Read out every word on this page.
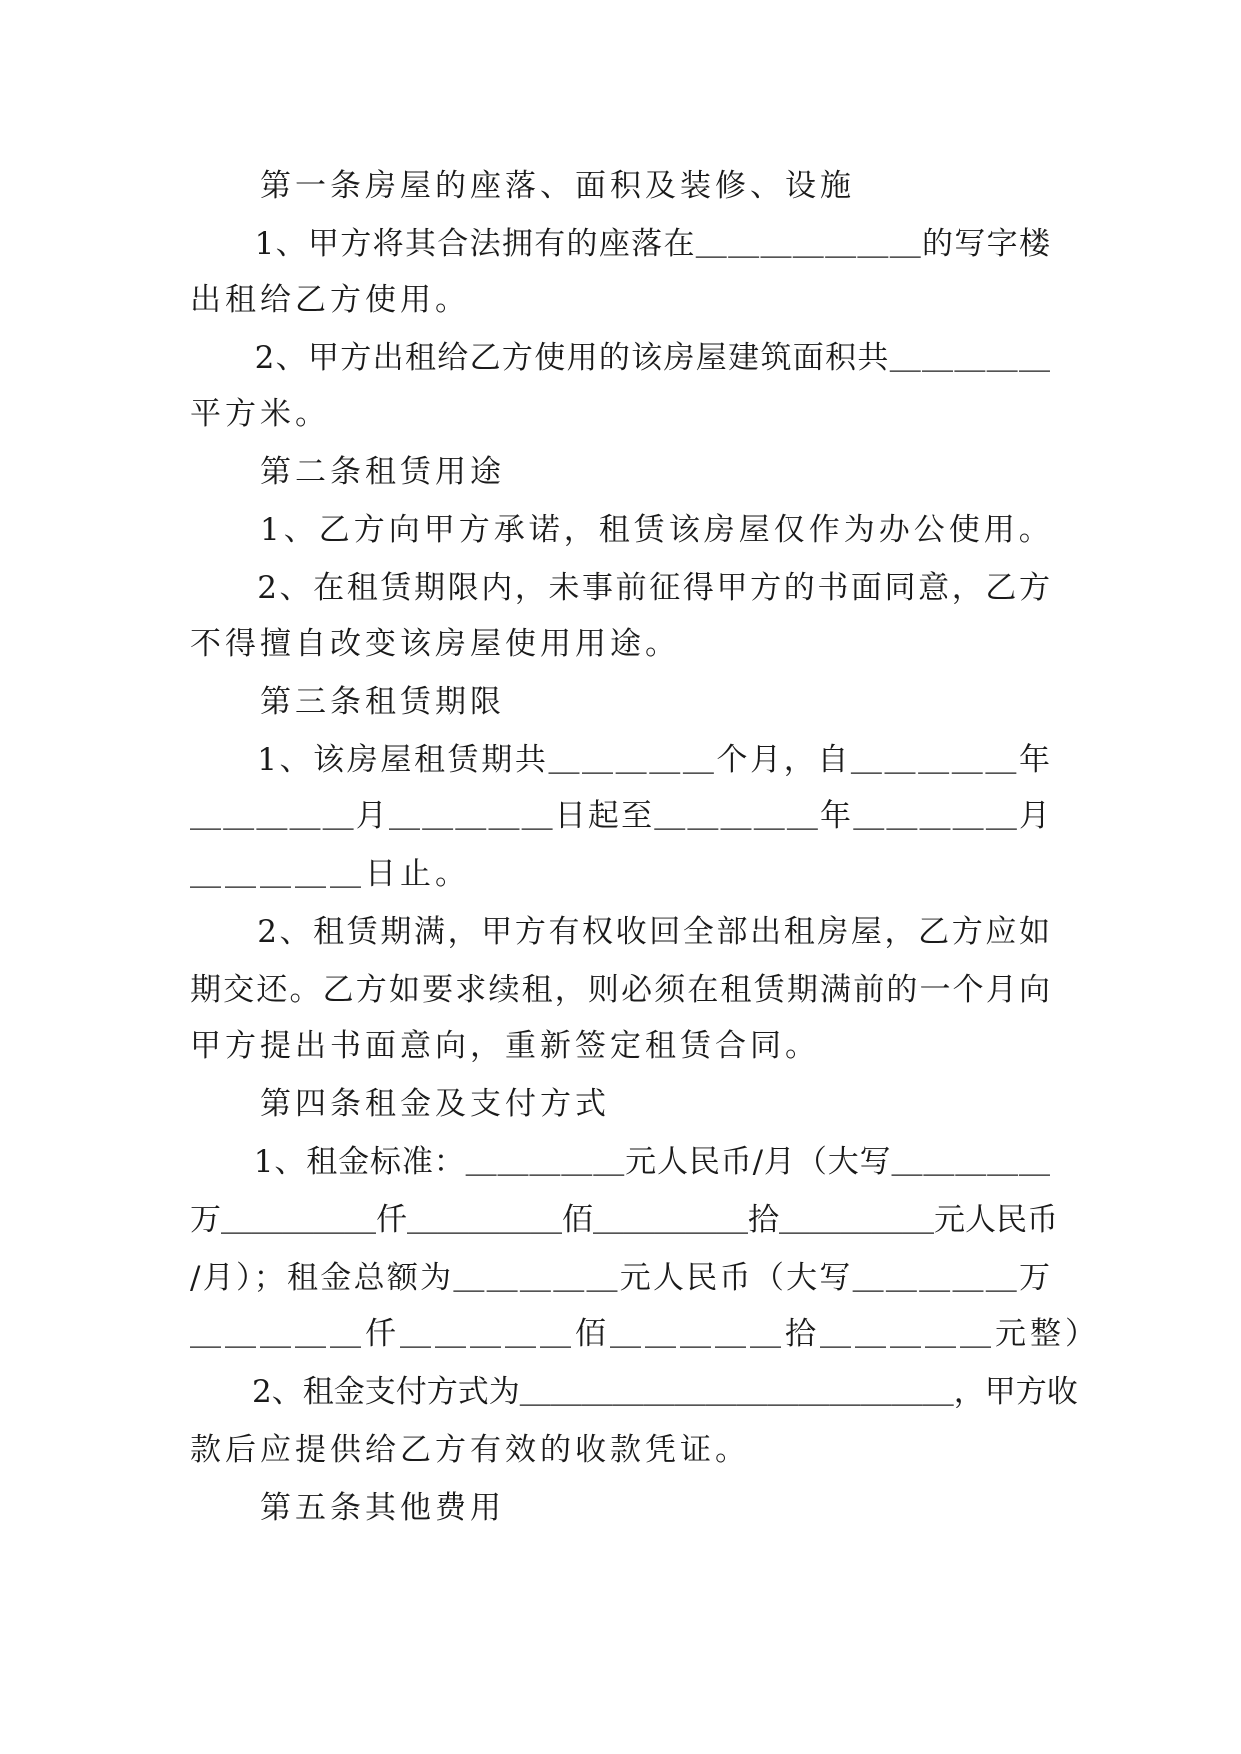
　　第一条房屋的座落、面积及装修、设施

　　1、甲方将其合法拥有的座落在＿＿＿＿＿＿＿的写字楼

出租给乙方使用。

　　2、甲方出租给乙方使用的该房屋建筑面积共＿＿＿＿＿

平方米。

　　第二条租赁用途

　　1、乙方向甲方承诺，租赁该房屋仅作为办公使用。

　　2、在租赁期限内，未事前征得甲方的书面同意，乙方

不得擅自改变该房屋使用用途。

　　第三条租赁期限

　　1、该房屋租赁期共＿＿＿＿＿个月，自＿＿＿＿＿年

＿＿＿＿＿月＿＿＿＿＿日起至＿＿＿＿＿年＿＿＿＿＿月

＿＿＿＿＿日止。

　　2、租赁期满，甲方有权收回全部出租房屋，乙方应如

期交还。乙方如要求续租，则必须在租赁期满前的一个月向

甲方提出书面意向，重新签定租赁合同。

　　第四条租金及支付方式

　　1、租金标准：＿＿＿＿＿元人民币/月（大写＿＿＿＿＿

万＿＿＿＿＿仟＿＿＿＿＿佰＿＿＿＿＿拾＿＿＿＿＿元人民币

/月）；租金总额为＿＿＿＿＿元人民币（大写＿＿＿＿＿万

＿＿＿＿＿仟＿＿＿＿＿佰＿＿＿＿＿拾＿＿＿＿＿元整）

　　2、租金支付方式为＿＿＿＿＿＿＿＿＿＿＿＿＿＿，甲方收

款后应提供给乙方有效的收款凭证。

　　第五条其他费用
